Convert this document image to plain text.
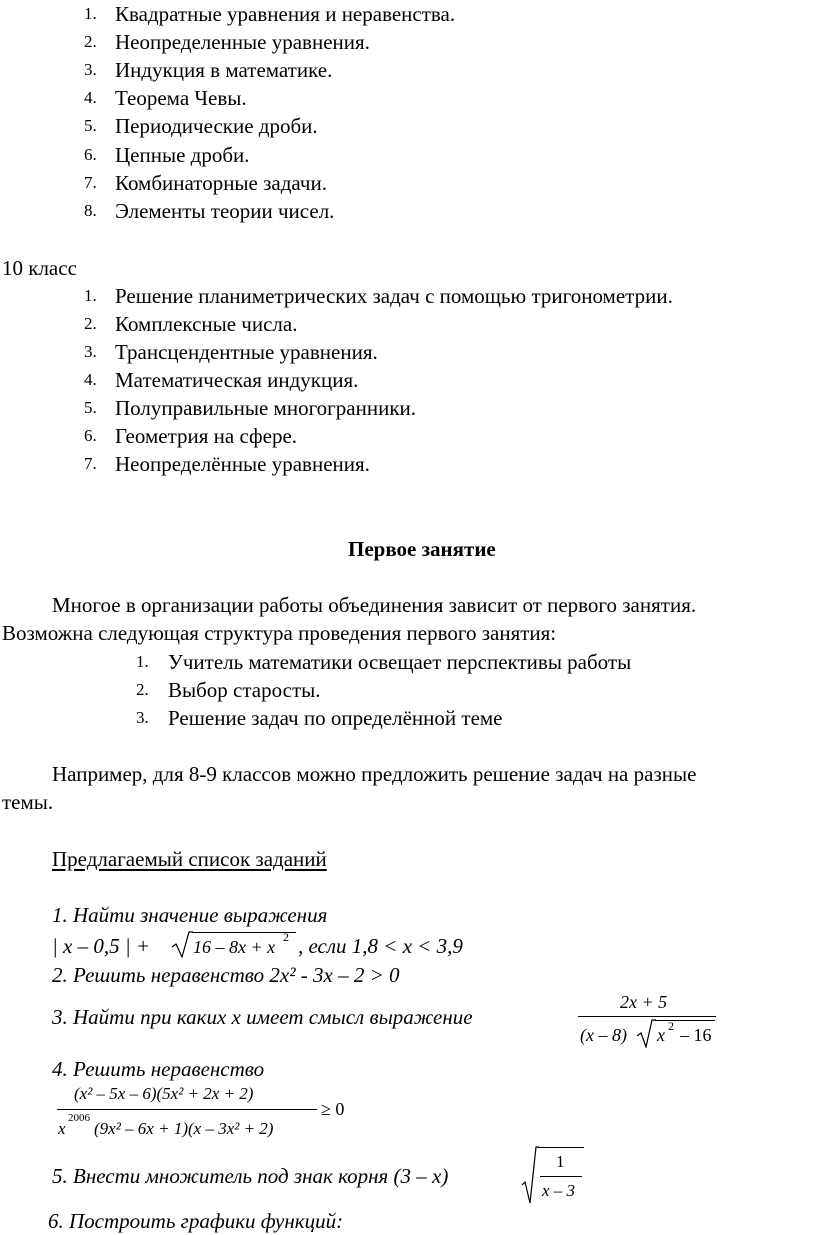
1. Квадратные уравнения и неравенства.
2. Неопределенные уравнения.
3. Индукция в математике.
4. Теорема Чевы.
5. Периодические дроби.
6. Цепные дроби.
7. Комбинаторные задачи.
8. Элементы теории чисел.
10 класс
1. Решение планиметрических задач с помощью тригонометрии.
2. Комплексные числа.
3. Трансцендентные уравнения.
4. Математическая индукция.
5. Полуправильные многогранники.
6. Геометрия на сфере.
7. Неопределённые уравнения.
Первое занятие
Многое в организации работы объединения зависит от первого занятия.
Возможна следующая структура проведения первого занятия:
1. Учитель математики освещает перспективы работы
2. Выбор старосты.
3. Решение задач по определённой теме
Например, для 8-9 классов можно предложить решение задач на разные
темы.
Предлагаемый список заданий
1. Найти значение выражения
| x – 0,5 | + 16 – 8x + x 2 , если 1,8 < x < 3,9
2. Решить неравенство 2х² - 3х – 2 > 0
3. Найти при каких х имеет смысл выражение
2x + 5
(x – 8) x 2 – 16
4. Решить неравенство
(x² – 5x – 6)(5x² + 2x + 2)
x
2006
(9x² – 6x + 1)(x – 3x² + 2)
≥ 0
5. Внести множитель под знак корня (3 – х)
1
x – 3
6. Построить графики функций:
